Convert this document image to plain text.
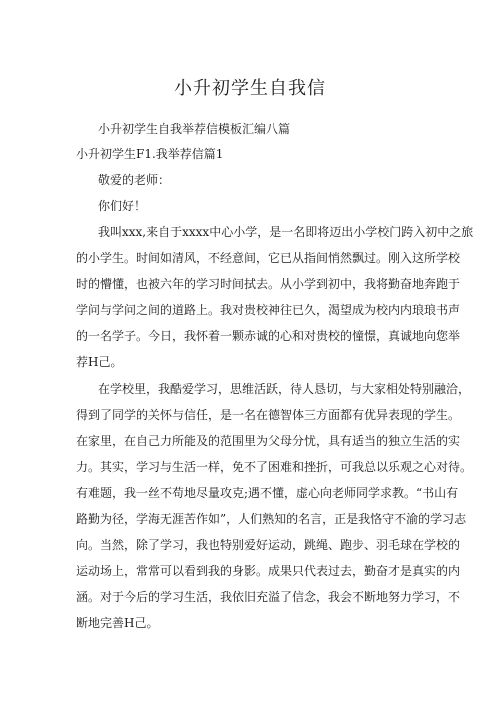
小升初学生自我信
小升初学生自我举荐信模板汇编八篇
小升初学生F1.我举荐信篇1
敬爱的老师：
你们好！
我叫xxx,来自于xxxx中心小学，是一名即将迈出小学校门跨入初中之旅
的小学生。时间如清风，不经意间，它已从指间悄然飘过。刚入这所学校
时的懵懂，也被六年的学习时间拭去。从小学到初中，我将勤奋地奔跑于
学问与学问之间的道路上。我对贵校神往已久，渴望成为校内内琅琅书声
的一名学子。今日，我怀着一颗赤诚的心和对贵校的憧憬，真诚地向您举
荐H己。
在学校里，我酷爱学习，思维活跃，待人恳切，与大家相处特别融洽，
得到了同学的关怀与信任，是一名在德智体三方面都有优异表现的学生。
在家里，在自己力所能及的范围里为父母分忧，具有适当的独立生活的实
力。其实，学习与生活一样，免不了困难和挫折，可我总以乐观之心对待。
有难题，我一丝不苟地尽量攻克;遇不懂，虚心向老师同学求教。“书山有
路勤为径，学海无涯苦作如”，人们熟知的名言，正是我恪守不渝的学习志
向。当然，除了学习，我也特别爱好运动，跳绳、跑步、羽毛球在学校的
运动场上，常常可以看到我的身影。成果只代表过去，勤奋才是真实的内
涵。对于今后的学习生活，我依旧充溢了信念，我会不断地努力学习，不
断地完善H己。
